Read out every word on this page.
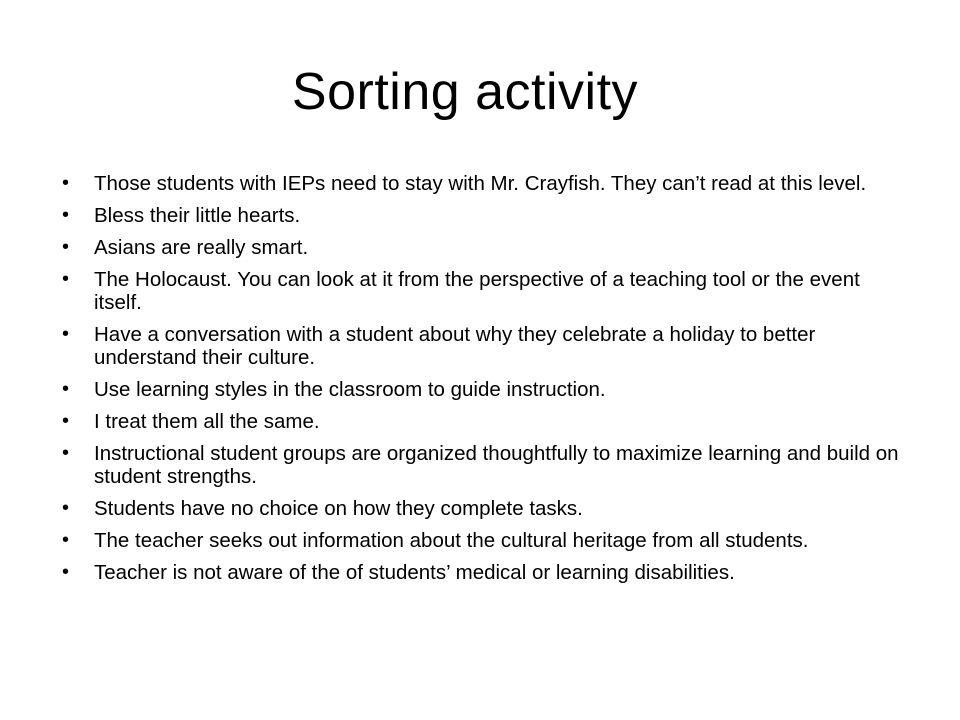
Sorting activity
•	Those students with IEPs need to stay with Mr. Crayfish. They can’t read at this level.
•	Bless their little hearts.
•	Asians are really smart.
•	The Holocaust. You can look at it from the perspective of a teaching tool or the event itself.
•	Have a conversation with a student about why they celebrate a holiday to better understand their culture.
•	Use learning styles in the classroom to guide instruction.
•	I treat them all the same.
•	Instructional student groups are organized thoughtfully to maximize learning and build on student strengths.
•	Students have no choice on how they complete tasks.
•	The teacher seeks out information about the cultural heritage from all students.
•	Teacher is not aware of the of students’ medical or learning disabilities.
